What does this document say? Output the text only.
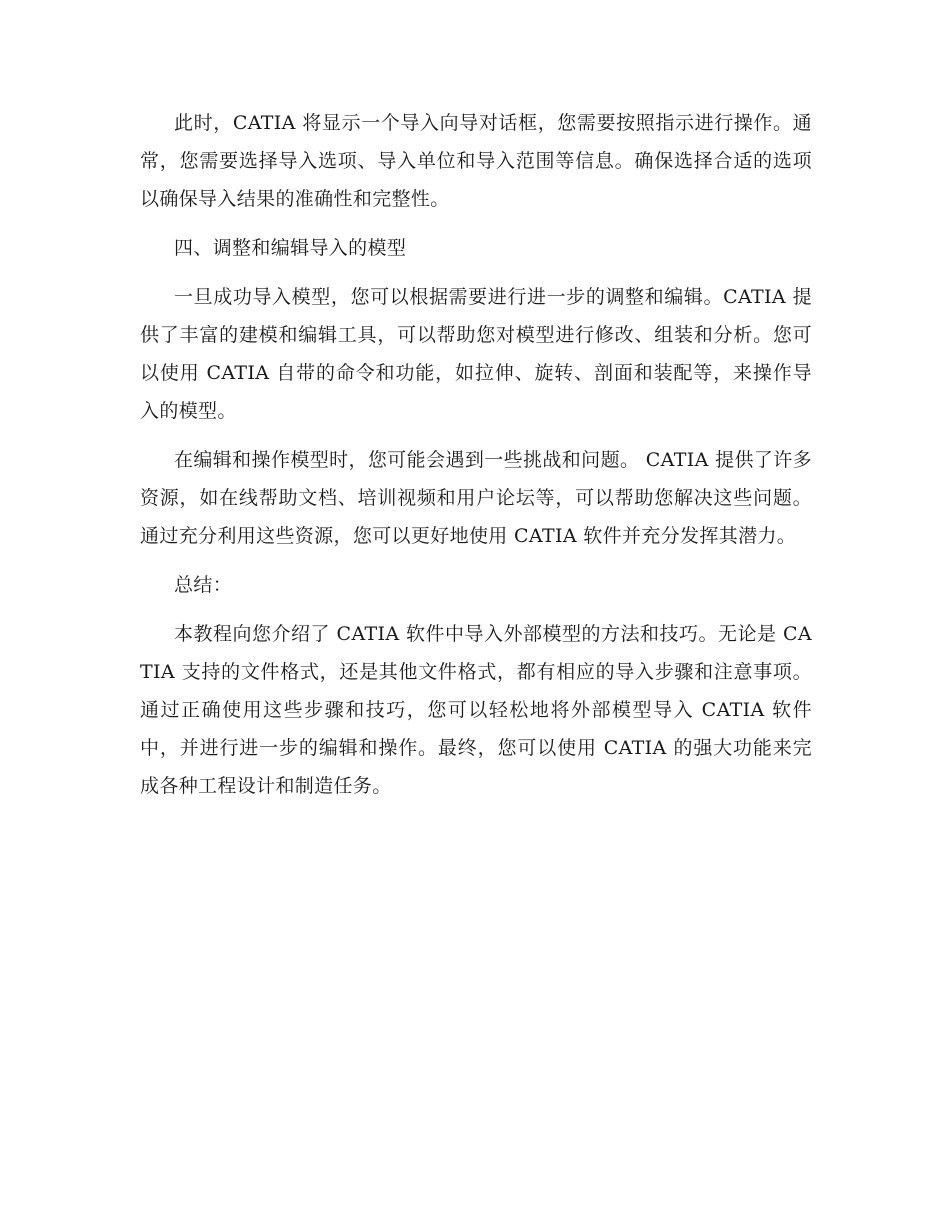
此时，CATIA 将显示一个导入向导对话框，您需要按照指示进行操作。通常，您需要选择导入选项、导入单位和导入范围等信息。确保选择合适的选项以确保导入结果的准确性和完整性。

四、调整和编辑导入的模型

一旦成功导入模型，您可以根据需要进行进一步的调整和编辑。CATIA 提供了丰富的建模和编辑工具，可以帮助您对模型进行修改、组装和分析。您可以使用 CATIA 自带的命令和功能，如拉伸、旋转、剖面和装配等，来操作导入的模型。

在编辑和操作模型时，您可能会遇到一些挑战和问题。 CATIA 提供了许多资源，如在线帮助文档、培训视频和用户论坛等，可以帮助您解决这些问题。通过充分利用这些资源，您可以更好地使用 CATIA 软件并充分发挥其潜力。

总结：

本教程向您介绍了 CATIA 软件中导入外部模型的方法和技巧。无论是 CATIA 支持的文件格式，还是其他文件格式，都有相应的导入步骤和注意事项。通过正确使用这些步骤和技巧，您可以轻松地将外部模型导入 CATIA 软件中，并进行进一步的编辑和操作。最终，您可以使用 CATIA 的强大功能来完成各种工程设计和制造任务。
